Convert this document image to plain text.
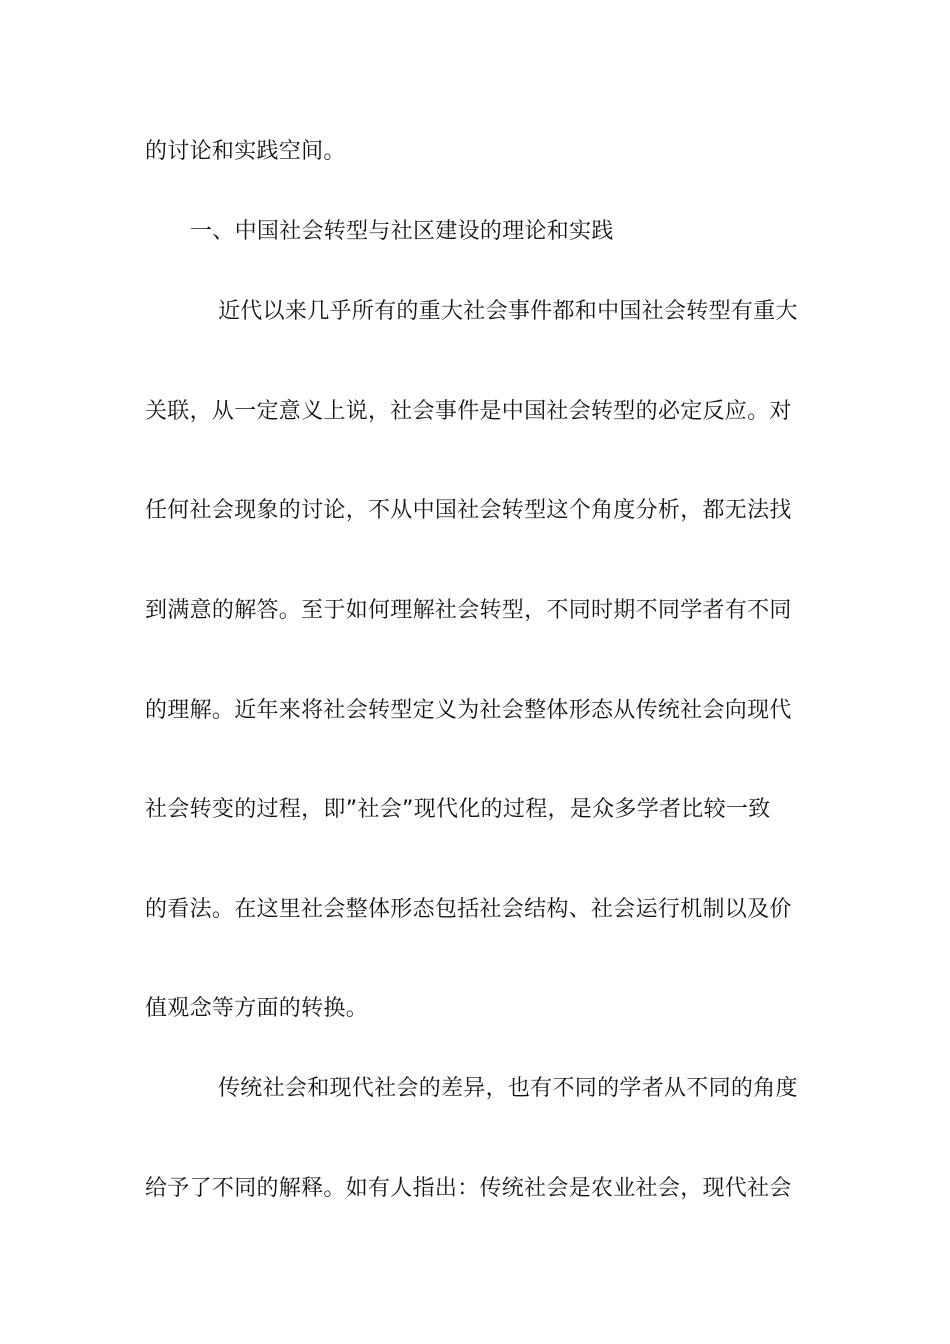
的讨论和实践空间。
一、中国社会转型与社区建设的理论和实践
近代以来几乎所有的重大社会事件都和中国社会转型有重大
关联，从一定意义上说，社会事件是中国社会转型的必定反应。对
任何社会现象的讨论，不从中国社会转型这个角度分析，都无法找
到满意的解答。至于如何理解社会转型，不同时期不同学者有不同
的理解。近年来将社会转型定义为社会整体形态从传统社会向现代
社会转变的过程，即”社会”现代化的过程，是众多学者比较一致
的看法。在这里社会整体形态包括社会结构、社会运行机制以及价
值观念等方面的转换。
传统社会和现代社会的差异，也有不同的学者从不同的角度
给予了不同的解释。如有人指出：传统社会是农业社会，现代社会
